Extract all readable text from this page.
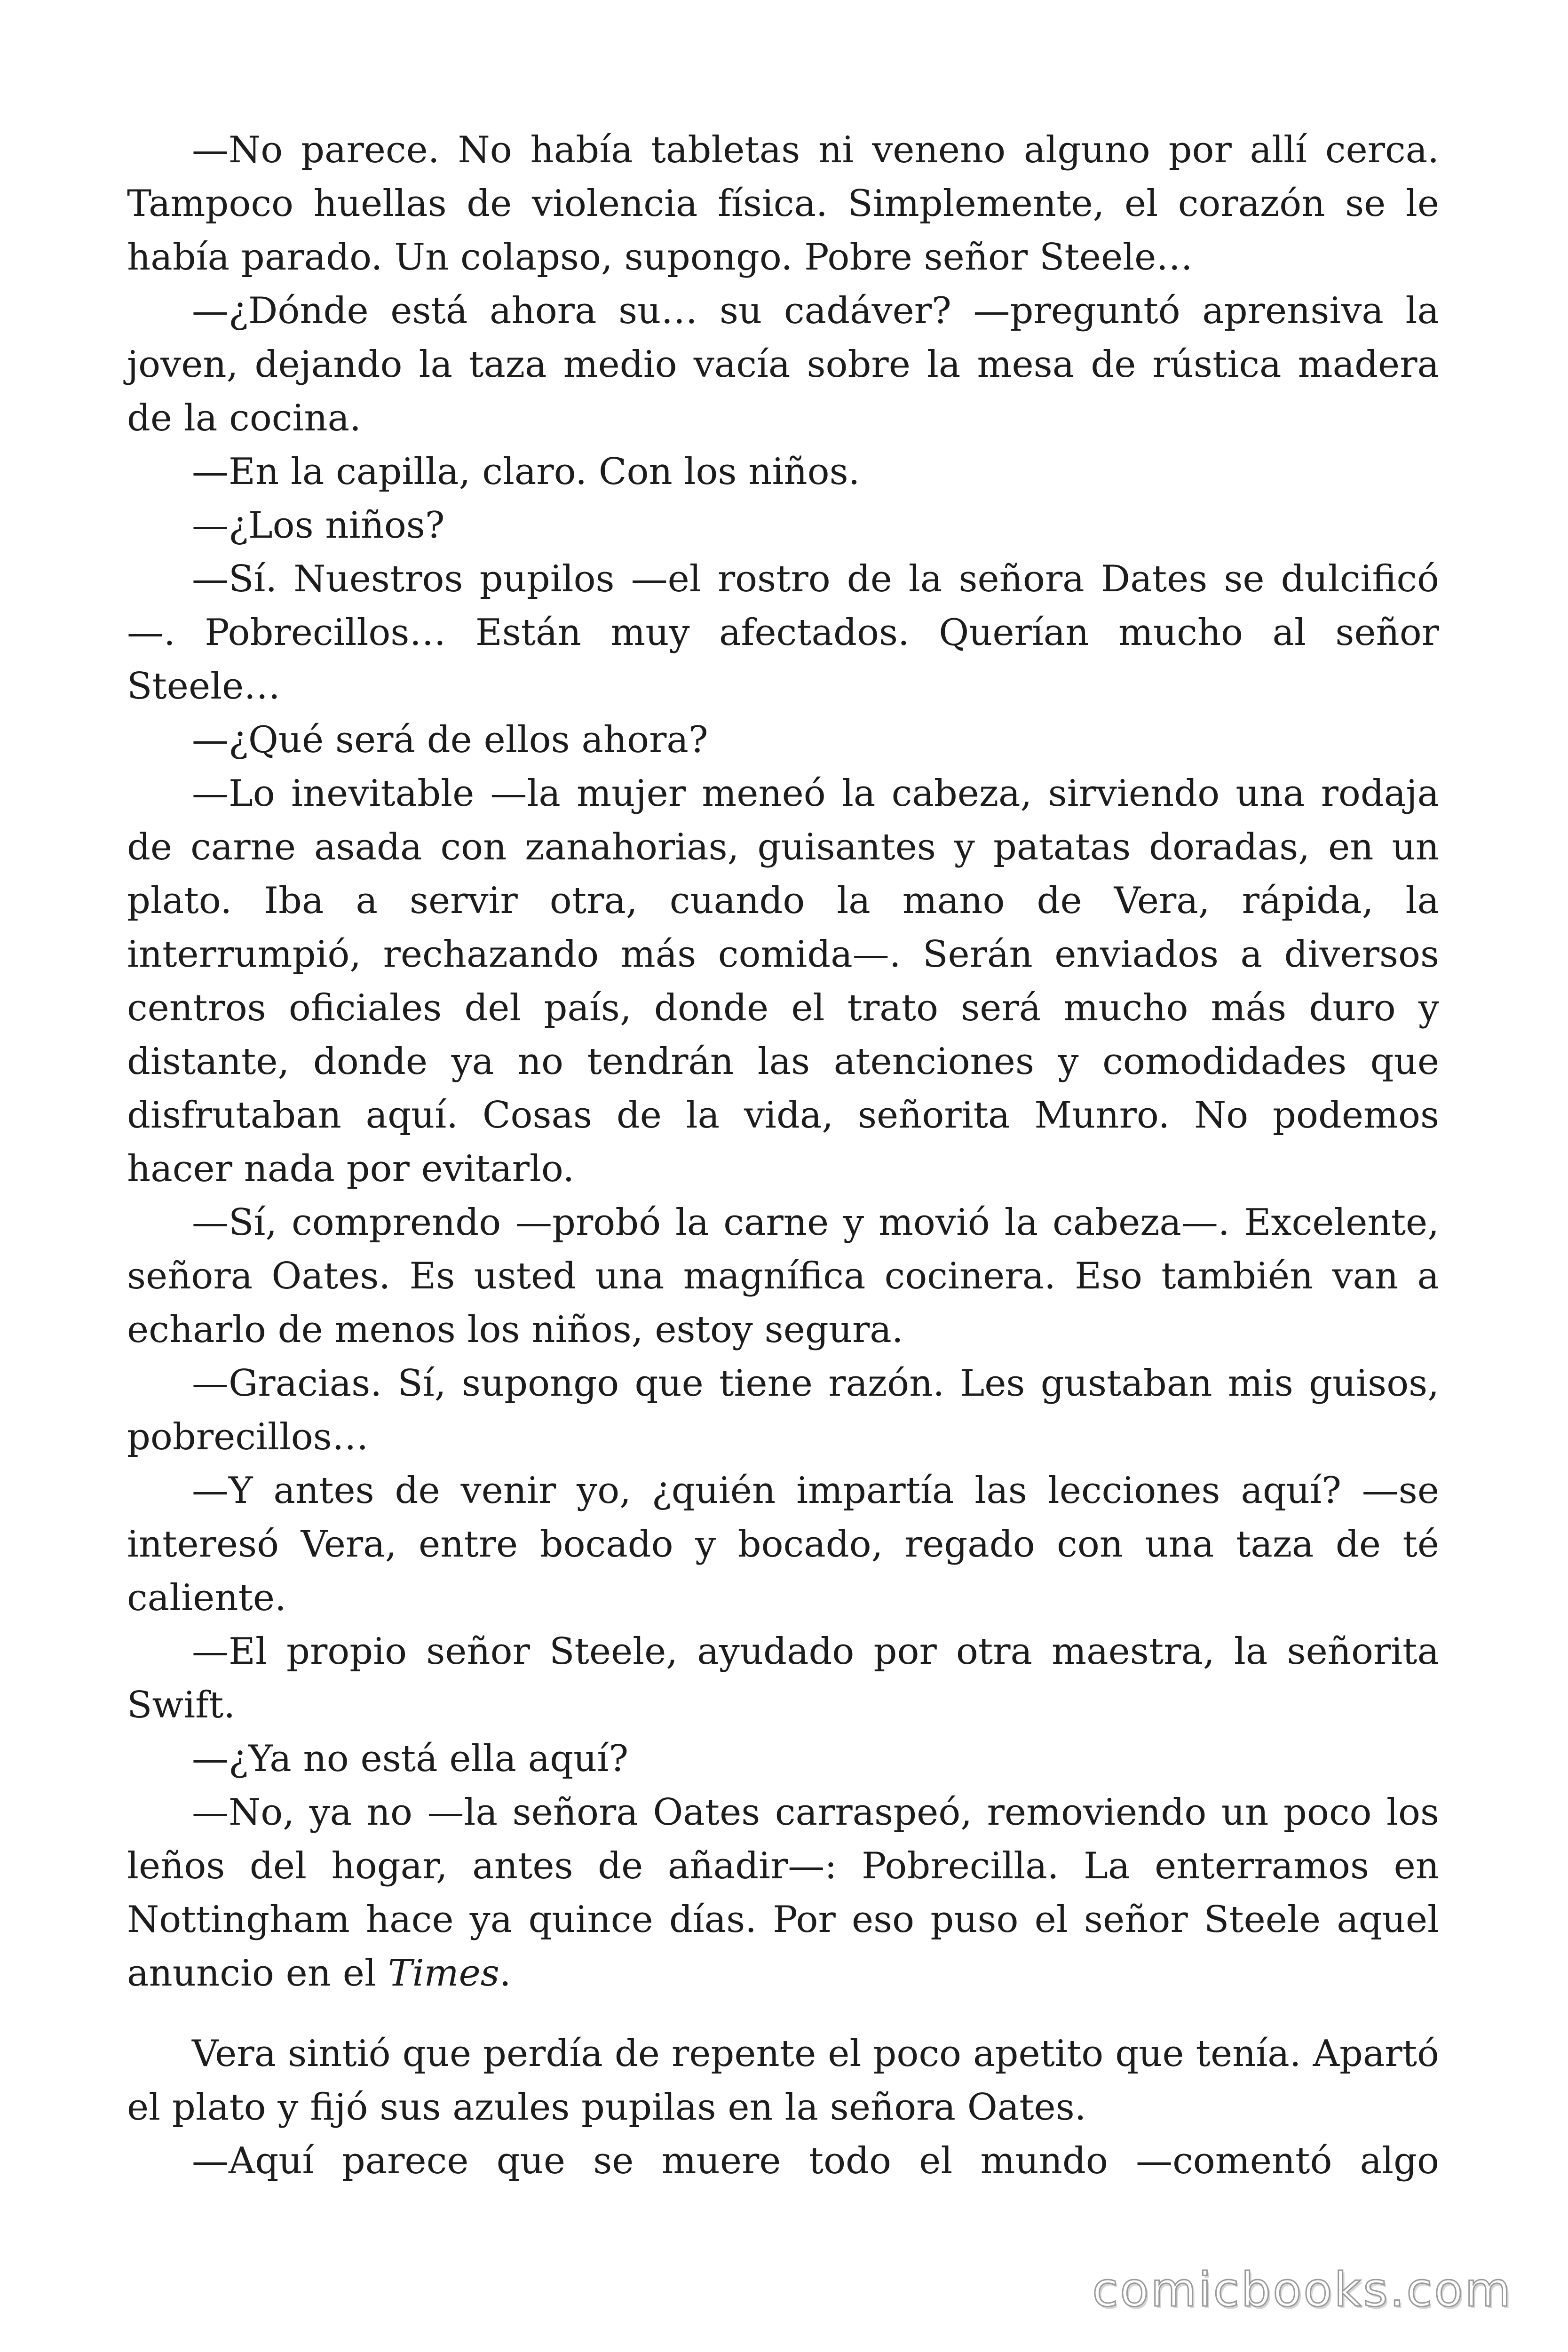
—No parece. No había tabletas ni veneno alguno por allí cerca. Tampoco huellas de violencia física. Simplemente, el corazón se le había parado. Un colapso, supongo. Pobre señor Steele…

—¿Dónde está ahora su… su cadáver? —preguntó aprensiva la joven, dejando la taza medio vacía sobre la mesa de rústica madera de la cocina.

—En la capilla, claro. Con los niños.

—¿Los niños?

—Sí. Nuestros pupilos —el rostro de la señora Dates se dulcificó —. Pobrecillos… Están muy afectados. Querían mucho al señor Steele…

—¿Qué será de ellos ahora?

—Lo inevitable —la mujer meneó la cabeza, sirviendo una rodaja de carne asada con zanahorias, guisantes y patatas doradas, en un plato. Iba a servir otra, cuando la mano de Vera, rápida, la interrumpió, rechazando más comida—. Serán enviados a diversos centros oficiales del país, donde el trato será mucho más duro y distante, donde ya no tendrán las atenciones y comodidades que disfrutaban aquí. Cosas de la vida, señorita Munro. No podemos hacer nada por evitarlo.

—Sí, comprendo —probó la carne y movió la cabeza—. Excelente, señora Oates. Es usted una magnífica cocinera. Eso también van a echarlo de menos los niños, estoy segura.

—Gracias. Sí, supongo que tiene razón. Les gustaban mis guisos, pobrecillos…

—Y antes de venir yo, ¿quién impartía las lecciones aquí? —se interesó Vera, entre bocado y bocado, regado con una taza de té caliente.

—El propio señor Steele, ayudado por otra maestra, la señorita Swift.

—¿Ya no está ella aquí?

—No, ya no —la señora Oates carraspeó, removiendo un poco los leños del hogar, antes de añadir—: Pobrecilla. La enterramos en Nottingham hace ya quince días. Por eso puso el señor Steele aquel anuncio en el Times.

Vera sintió que perdía de repente el poco apetito que tenía. Apartó el plato y fijó sus azules pupilas en la señora Oates.

—Aquí parece que se muere todo el mundo —comentó algo

comicbooks.com
